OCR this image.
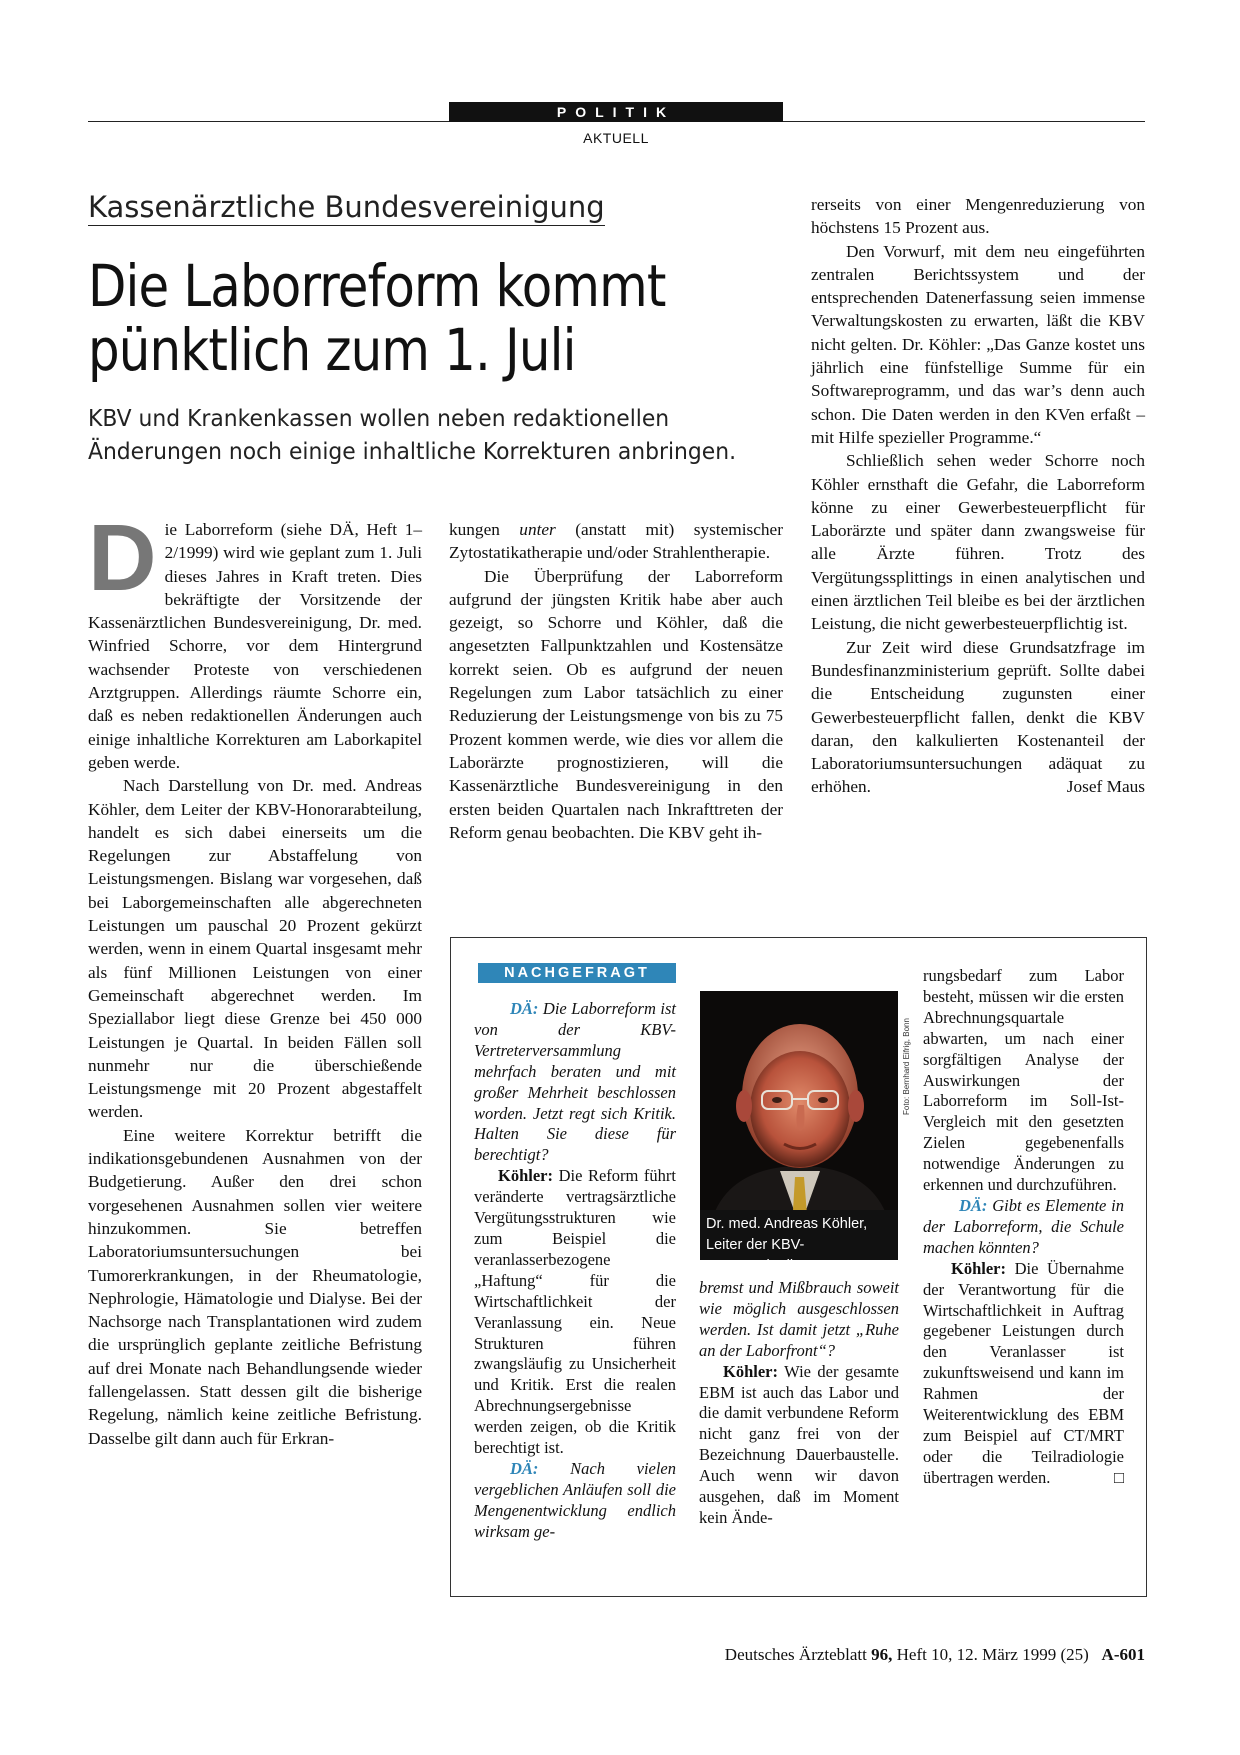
POLITIK
AKTUELL
Kassenärztliche Bundesvereinigung
Die Laborreform kommt pünktlich zum 1. Juli

KBV und Krankenkassen wollen neben redaktionellen Änderungen noch einige inhaltliche Korrekturen anbringen.

Die Laborreform (siehe DÄ, Heft 1–2/1999) wird wie geplant zum 1. Juli dieses Jahres in Kraft treten. Dies bekräftigte der Vorsitzende der Kassenärztlichen Bundesvereinigung, Dr. med. Winfried Schorre, vor dem Hintergrund wachsender Proteste von verschiedenen Arztgruppen. Allerdings räumte Schorre ein, daß es neben redaktionellen Änderungen auch einige inhaltliche Korrekturen am Laborkapitel geben werde.

Nach Darstellung von Dr. med. Andreas Köhler, dem Leiter der KBV-Honorarabteilung, handelt es sich dabei einerseits um die Regelungen zur Abstaffelung von Leistungsmengen. Bislang war vorgesehen, daß bei Laborgemeinschaften alle abgerechneten Leistungen um pauschal 20 Prozent gekürzt werden, wenn in einem Quartal insgesamt mehr als fünf Millionen Leistungen von einer Gemeinschaft abgerechnet werden. Im Speziallabor liegt diese Grenze bei 450 000 Leistungen je Quartal. In beiden Fällen soll nunmehr nur die überschießende Leistungsmenge mit 20 Prozent abgestaffelt werden.

Eine weitere Korrektur betrifft die indikationsgebundenen Ausnahmen von der Budgetierung. Außer den drei schon vorgesehenen Ausnahmen sollen vier weitere hinzukommen. Sie betreffen Laboratoriumsuntersuchungen bei Tumorerkrankungen, in der Rheumatologie, Nephrologie, Hämatologie und Dialyse. Bei der Nachsorge nach Transplantationen wird zudem die ursprünglich geplante zeitliche Befristung auf drei Monate nach Behandlungsende wieder fallengelassen. Statt dessen gilt die bisherige Regelung, nämlich keine zeitliche Befristung. Dasselbe gilt dann auch für Erkran-

kungen unter (anstatt mit) systemischer Zytostatikatherapie und/oder Strahlentherapie.

Die Überprüfung der Laborreform aufgrund der jüngsten Kritik habe aber auch gezeigt, so Schorre und Köhler, daß die angesetzten Fallpunktzahlen und Kostensätze korrekt seien. Ob es aufgrund der neuen Regelungen zum Labor tatsächlich zu einer Reduzierung der Leistungsmenge von bis zu 75 Prozent kommen werde, wie dies vor allem die Laborärzte prognostizieren, will die Kassenärztliche Bundesvereinigung in den ersten beiden Quartalen nach Inkrafttreten der Reform genau beobachten. Die KBV geht ih-

rerseits von einer Mengenreduzierung von höchstens 15 Prozent aus.

Den Vorwurf, mit dem neu eingeführten zentralen Berichtssystem und der entsprechenden Datenerfassung seien immense Verwaltungskosten zu erwarten, läßt die KBV nicht gelten. Dr. Köhler: „Das Ganze kostet uns jährlich eine fünfstellige Summe für ein Softwareprogramm, und das war’s denn auch schon. Die Daten werden in den KVen erfaßt – mit Hilfe spezieller Programme.“

Schließlich sehen weder Schorre noch Köhler ernsthaft die Gefahr, die Laborreform könne zu einer Gewerbesteuerpflicht für Laborärzte und später dann zwangsweise für alle Ärzte führen. Trotz des Vergütungssplittings in einen analytischen und einen ärztlichen Teil bleibe es bei der ärztlichen Leistung, die nicht gewerbesteuerpflichtig ist.

Zur Zeit wird diese Grundsatzfrage im Bundesfinanzministerium geprüft. Sollte dabei die Entscheidung zugunsten einer Gewerbesteuerpflicht fallen, denkt die KBV daran, den kalkulierten Kostenanteil der Laboratoriumsuntersuchungen adäquat zu erhöhen.	Josef Maus

NACHGEFRAGT

DÄ: Die Laborreform ist von der KBV-Vertreterversammlung mehrfach beraten und mit großer Mehrheit beschlossen worden. Jetzt regt sich Kritik. Halten Sie diese für berechtigt?

Köhler: Die Reform führt veränderte vertragsärztliche Vergütungsstrukturen wie zum Beispiel die veranlasserbezogene „Haftung“ für die Wirtschaftlichkeit der Veranlassung ein. Neue Strukturen führen zwangsläufig zu Unsicherheit und Kritik. Erst die realen Abrechnungsergebnisse werden zeigen, ob die Kritik berechtigt ist.

DÄ: Nach vielen vergeblichen Anläufen soll die Mengenentwicklung endlich wirksam ge-

Foto: Bernhard Eifrig, Bonn
Dr. med. Andreas Köhler, Leiter der KBV-Honorarabteilung

bremst und Mißbrauch soweit wie möglich ausgeschlossen werden. Ist damit jetzt „Ruhe an der Laborfront“?

Köhler: Wie der gesamte EBM ist auch das Labor und die damit verbundene Reform nicht ganz frei von der Bezeichnung Dauerbaustelle. Auch wenn wir davon ausgehen, daß im Moment kein Ände-

rungsbedarf zum Labor besteht, müssen wir die ersten Abrechnungsquartale abwarten, um nach einer sorgfältigen Analyse der Auswirkungen der Laborreform im Soll-Ist-Vergleich mit den gesetzten Zielen gegebenenfalls notwendige Änderungen zu erkennen und durchzuführen.

DÄ: Gibt es Elemente in der Laborreform, die Schule machen könnten?

Köhler: Die Übernahme der Verantwortung für die Wirtschaftlichkeit in Auftrag gegebener Leistungen durch den Veranlasser ist zukunftsweisend und kann im Rahmen der Weiterentwicklung des EBM zum Beispiel auf CT/MRT oder die Teilradiologie übertragen werden.	□

Deutsches Ärzteblatt 96, Heft 10, 12. März 1999 (25) A-601
